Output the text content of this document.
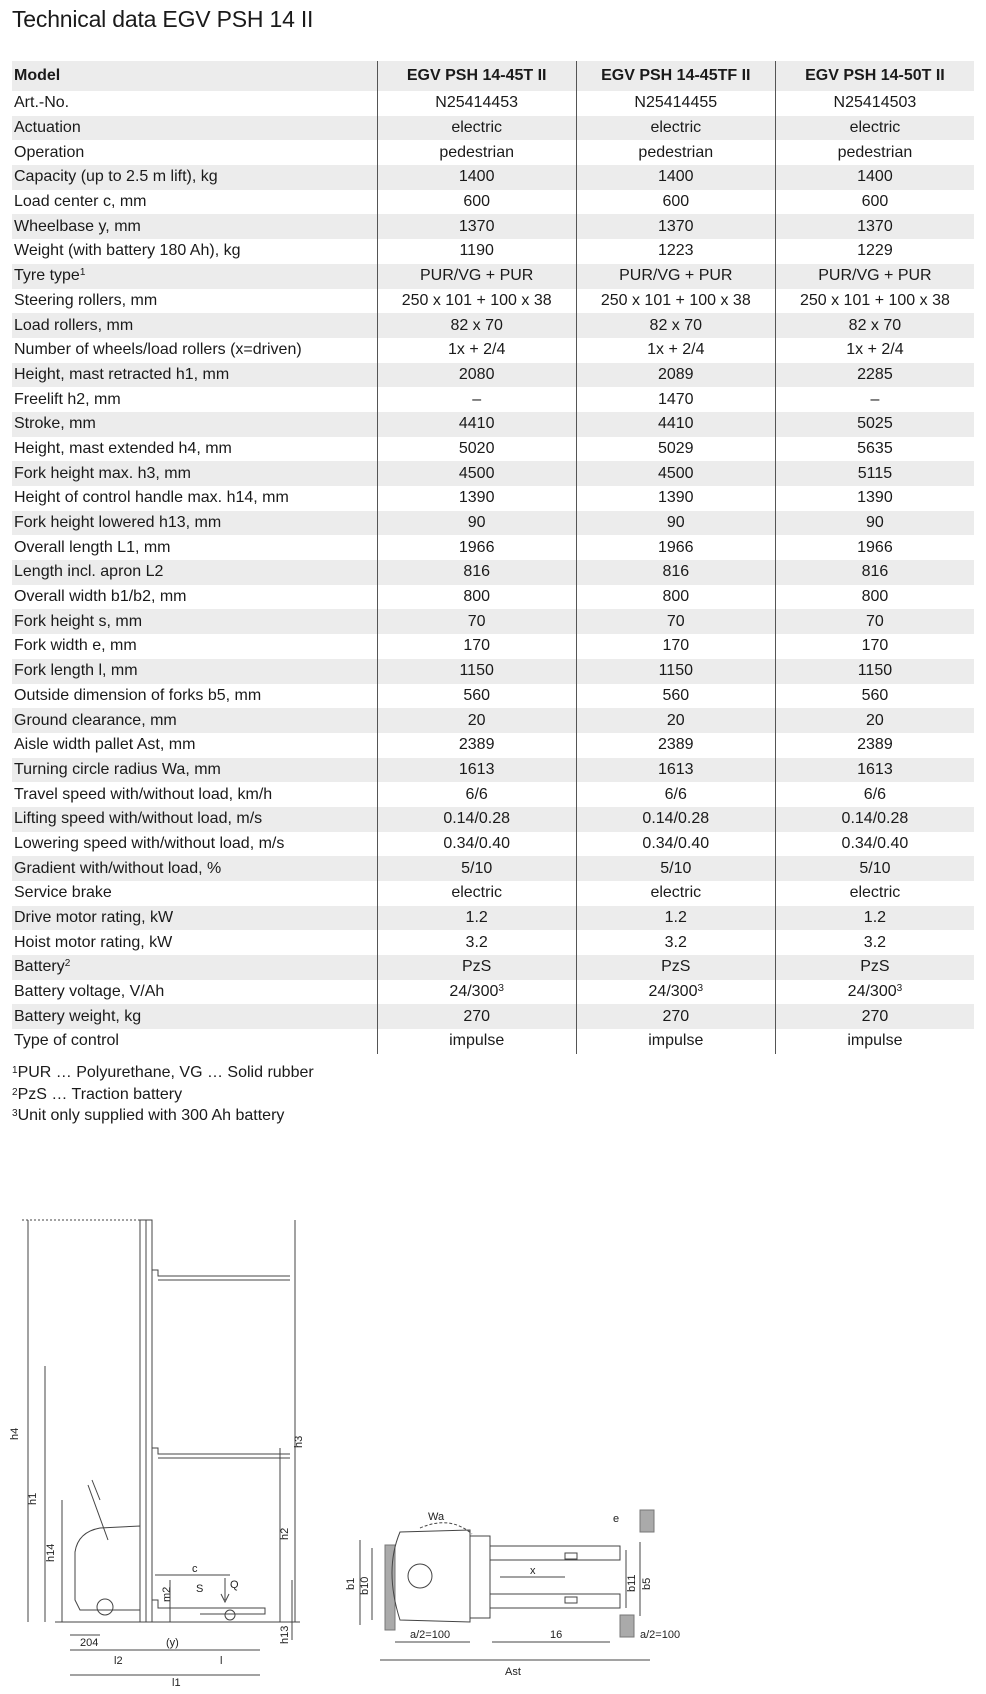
Technical data EGV PSH 14 II
Model	EGV PSH 14-45T II	EGV PSH 14-45TF II	EGV PSH 14-50T II
Art.-No.	N25414453	N25414455	N25414503
Actuation	electric	electric	electric
Operation	pedestrian	pedestrian	pedestrian
Capacity (up to 2.5 m lift), kg	1400	1400	1400
Load center c, mm	600	600	600
Wheelbase y, mm	1370	1370	1370
Weight (with battery 180 Ah), kg	1190	1223	1229
Tyre type$^1$	PUR/VG + PUR	PUR/VG + PUR	PUR/VG + PUR
Steering rollers, mm	250 x 101 + 100 x 38	250 x 101 + 100 x 38	250 x 101 + 100 x 38
Load rollers, mm	82 x 70	82 x 70	82 x 70
Number of wheels/load rollers (x=driven)	1x + 2/4	1x + 2/4	1x + 2/4
Height, mast retracted h1, mm	2080	2089	2285
Freelift h2, mm	–	1470	–
Stroke, mm	4410	4410	5025
Height, mast extended h4, mm	5020	5029	5635
Fork height max. h3, mm	4500	4500	5115
Height of control handle max. h14, mm	1390	1390	1390
Fork height lowered h13, mm	90	90	90
Overall length L1, mm	1966	1966	1966
Length incl. apron L2	816	816	816
Overall width b1/b2, mm	800	800	800
Fork height s, mm	70	70	70
Fork width e, mm	170	170	170
Fork length l, mm	1150	1150	1150
Outside dimension of forks b5, mm	560	560	560
Ground clearance, mm	20	20	20
Aisle width pallet Ast, mm	2389	2389	2389
Turning circle radius Wa, mm	1613	1613	1613
Travel speed with/without load, km/h	6/6	6/6	6/6
Lifting speed with/without load, m/s	0.14/0.28	0.14/0.28	0.14/0.28
Lowering speed with/without load, m/s	0.34/0.40	0.34/0.40	0.34/0.40
Gradient with/without load, %	5/10	5/10	5/10
Service brake	electric	electric	electric
Drive motor rating, kW	1.2	1.2	1.2
Hoist motor rating, kW	3.2	3.2	3.2
Battery$^2$	PzS	PzS	PzS
Battery voltage, V/Ah	$24/300^3$	$24/300^3$	$24/300^3$
Battery weight, kg	270	270	270
Type of control	impulse	impulse	impulse
$^1$PUR … Polyurethane, VG … Solid rubber
$^2$PzS … Traction battery
$^3$Unit only supplied with 300 Ah battery
h4
h1
h14
h3
h2
h13
m2 S
c
Q
204	(y)
l2	l
l1
Wa	e
b1 b10	b11 b5
x
a/2=100	16
Ast
a/2=100
